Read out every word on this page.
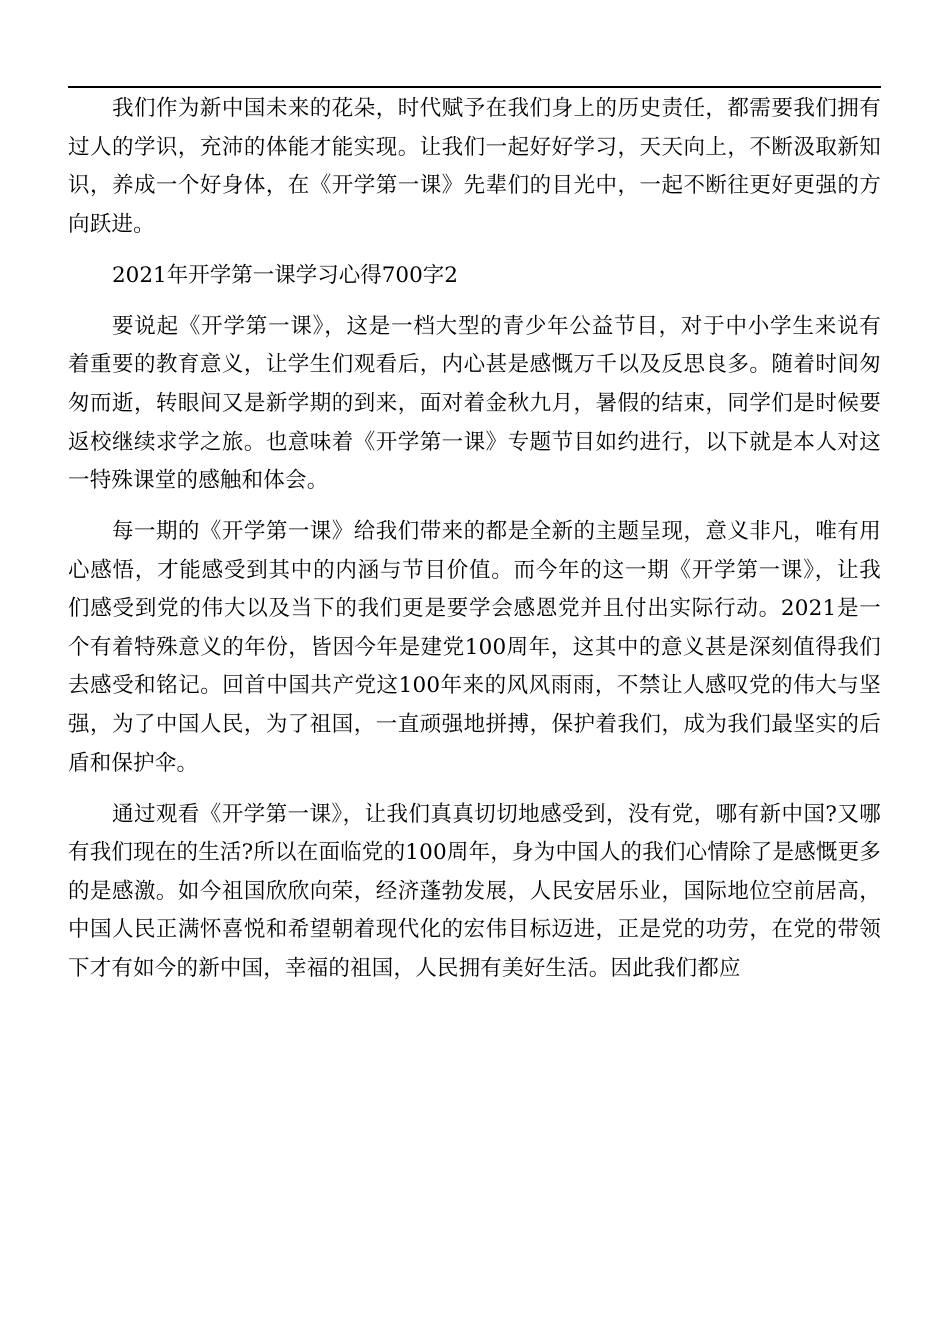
我们作为新中国未来的花朵，时代赋予在我们身上的历史责任，都需要我们拥有过人的学识，充沛的体能才能实现。让我们一起好好学习，天天向上，不断汲取新知识，养成一个好身体，在《开学第一课》先辈们的目光中，一起不断往更好更强的方向跃进。

2021年开学第一课学习心得700字2

要说起《开学第一课》，这是一档大型的青少年公益节目，对于中小学生来说有着重要的教育意义，让学生们观看后，内心甚是感慨万千以及反思良多。随着时间匆匆而逝，转眼间又是新学期的到来，面对着金秋九月，暑假的结束，同学们是时候要返校继续求学之旅。也意味着《开学第一课》专题节目如约进行，以下就是本人对这一特殊课堂的感触和体会。

每一期的《开学第一课》给我们带来的都是全新的主题呈现，意义非凡，唯有用心感悟，才能感受到其中的内涵与节目价值。而今年的这一期《开学第一课》，让我们感受到党的伟大以及当下的我们更是要学会感恩党并且付出实际行动。2021是一个有着特殊意义的年份，皆因今年是建党100周年，这其中的意义甚是深刻值得我们去感受和铭记。回首中国共产党这100年来的风风雨雨，不禁让人感叹党的伟大与坚强，为了中国人民，为了祖国，一直顽强地拼搏，保护着我们，成为我们最坚实的后盾和保护伞。

通过观看《开学第一课》，让我们真真切切地感受到，没有党，哪有新中国?又哪有我们现在的生活?所以在面临党的100周年，身为中国人的我们心情除了是感慨更多的是感激。如今祖国欣欣向荣，经济蓬勃发展，人民安居乐业，国际地位空前居高，中国人民正满怀喜悦和希望朝着现代化的宏伟目标迈进，正是党的功劳，在党的带领下才有如今的新中国，幸福的祖国，人民拥有美好生活。因此我们都应
